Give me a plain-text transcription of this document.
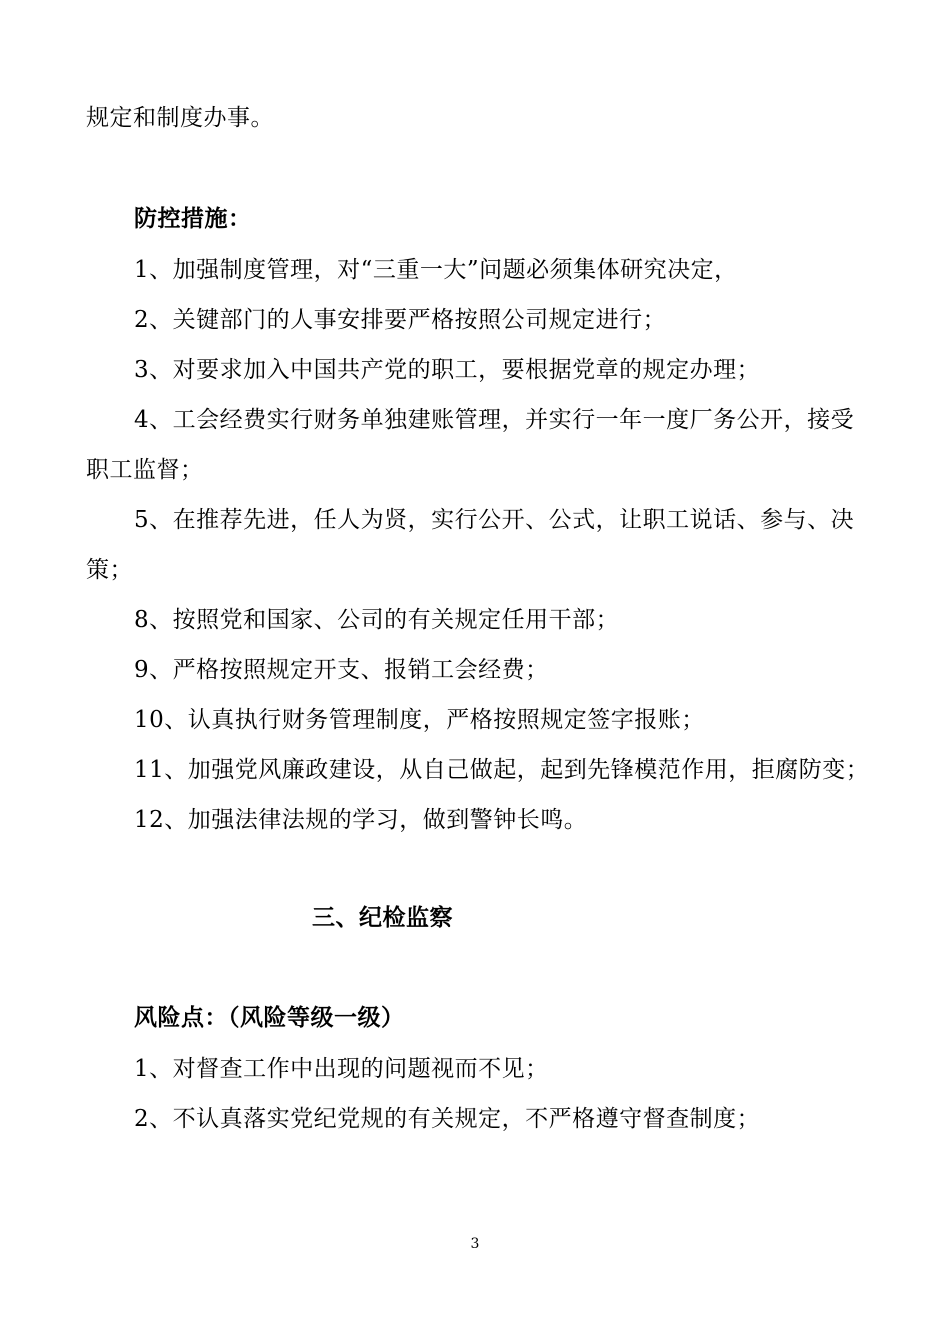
规定和制度办事。
防控措施：
1、加强制度管理，对“三重一大”问题必须集体研究决定，
2、关键部门的人事安排要严格按照公司规定进行；
3、对要求加入中国共产党的职工，要根据党章的规定办理；
4、工会经费实行财务单独建账管理，并实行一年一度厂务公开，接受
职工监督；
5、在推荐先进，任人为贤，实行公开、公式，让职工说话、参与、决
策；
8、按照党和国家、公司的有关规定任用干部；
9、严格按照规定开支、报销工会经费；
10、认真执行财务管理制度，严格按照规定签字报账；
11、加强党风廉政建设，从自己做起，起到先锋模范作用，拒腐防变；
12、加强法律法规的学习，做到警钟长鸣。
三、纪检监察
风险点：（风险等级一级）
1、对督查工作中出现的问题视而不见；
2、不认真落实党纪党规的有关规定，不严格遵守督查制度；
3
